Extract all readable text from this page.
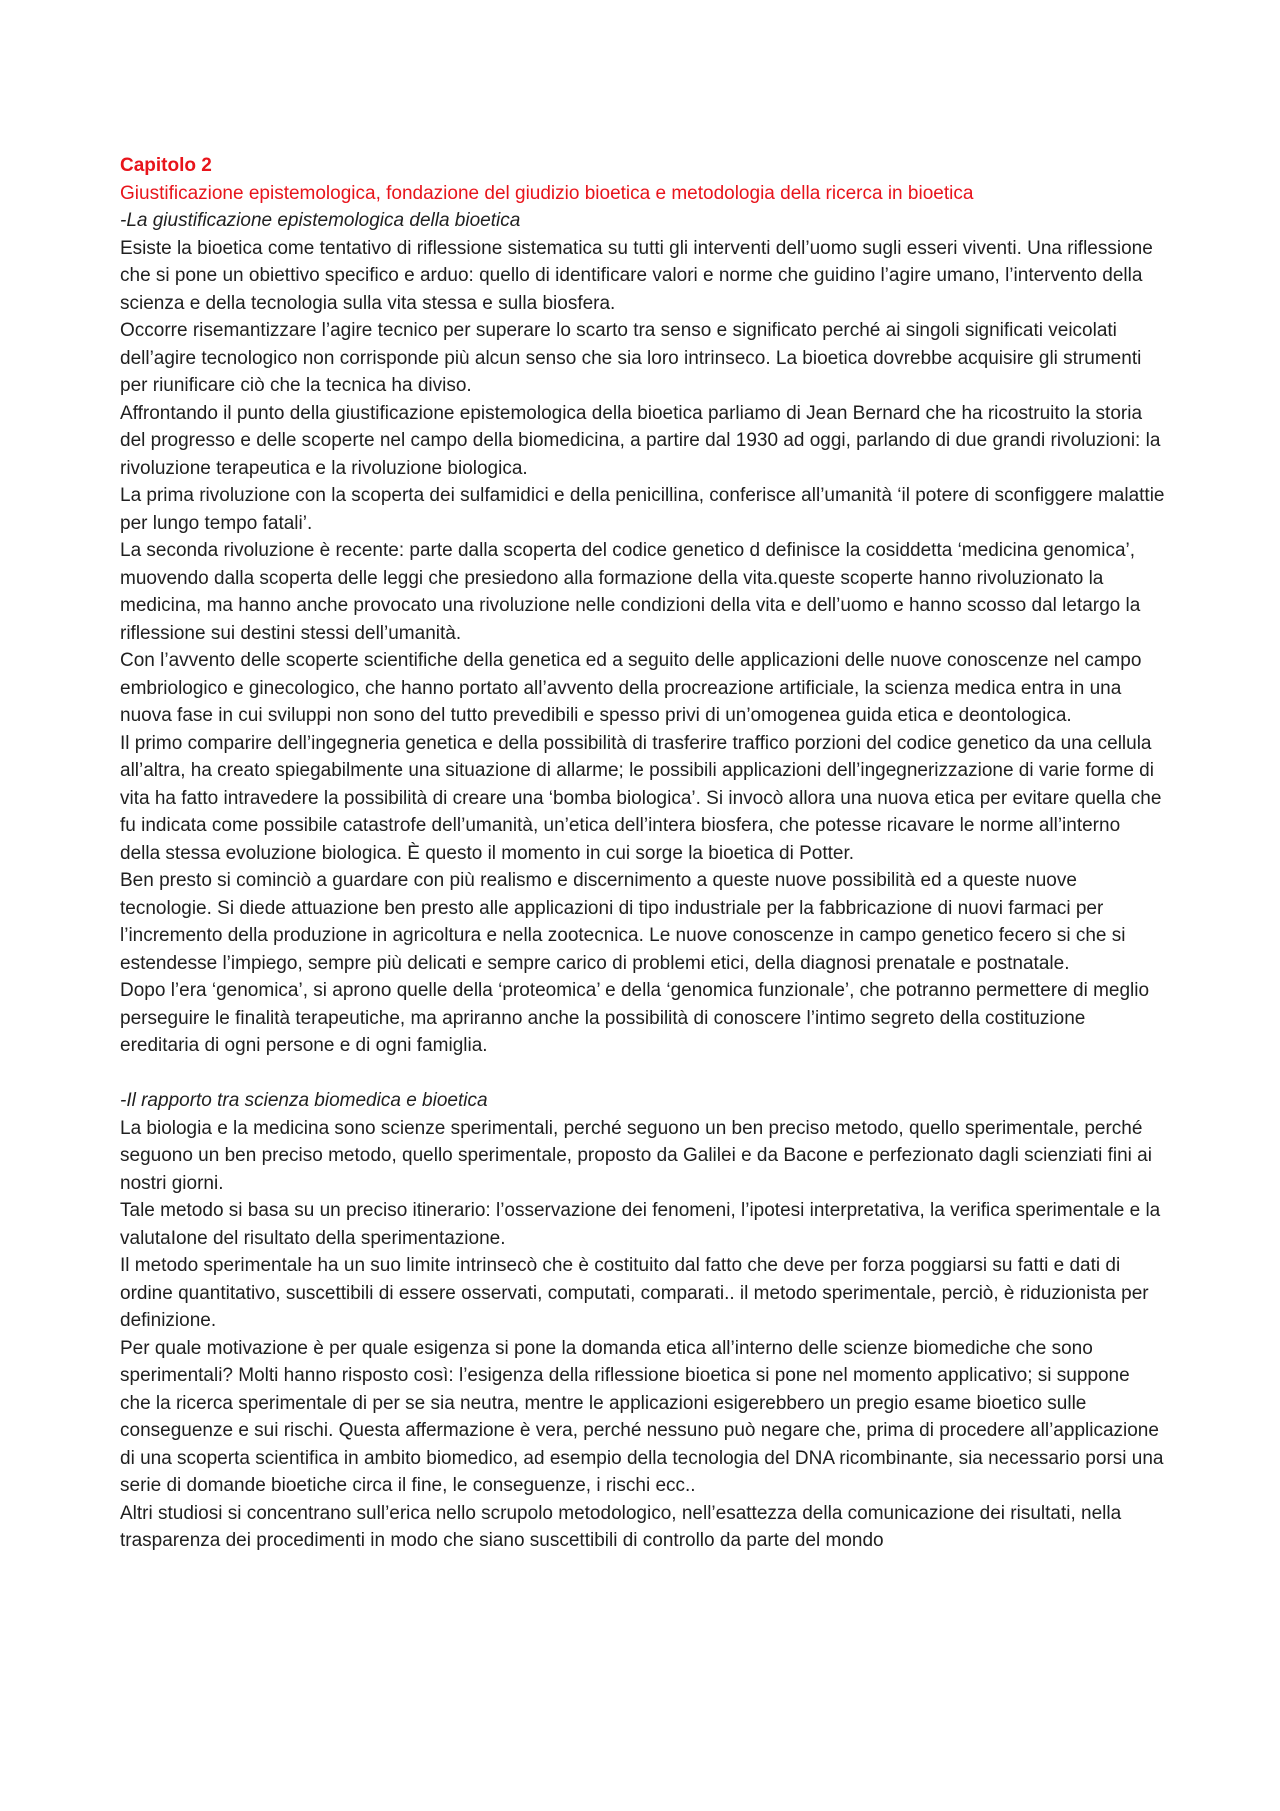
Capitolo 2

Giustificazione epistemologica, fondazione del giudizio bioetica e metodologia della ricerca in bioetica

-La giustificazione epistemologica della bioetica

Esiste la bioetica come tentativo di riflessione sistematica su tutti gli interventi dell’uomo sugli esseri viventi. Una riflessione che si pone un obiettivo specifico e arduo: quello di identificare valori e norme che guidino l’agire umano, l’intervento della scienza e della tecnologia sulla vita stessa e sulla biosfera.

Occorre risemantizzare l’agire tecnico per superare lo scarto tra senso e significato perché ai singoli significati veicolati dell’agire tecnologico non corrisponde più alcun senso che sia loro intrinseco. La bioetica dovrebbe acquisire gli strumenti per riunificare ciò che la tecnica ha diviso.

Affrontando il punto della giustificazione epistemologica della bioetica parliamo di Jean Bernard che ha ricostruito la storia del progresso e delle scoperte nel campo della biomedicina, a partire dal 1930 ad oggi, parlando di due grandi rivoluzioni: la rivoluzione terapeutica e la rivoluzione biologica.

La prima rivoluzione con la scoperta dei sulfamidici e della penicillina, conferisce all’umanità ‘il potere di sconfiggere malattie per lungo tempo fatali’.

La seconda rivoluzione è recente: parte dalla scoperta del codice genetico d definisce la cosiddetta ‘medicina genomica’, muovendo dalla scoperta delle leggi che presiedono alla formazione della vita.queste scoperte hanno rivoluzionato la medicina, ma hanno anche provocato una rivoluzione nelle condizioni della vita e dell’uomo e hanno scosso dal letargo la riflessione sui destini stessi dell’umanità.

Con l’avvento delle scoperte scientifiche della genetica ed a seguito delle applicazioni delle nuove conoscenze nel campo embriologico e ginecologico, che hanno portato all’avvento della procreazione artificiale, la scienza medica entra in una nuova fase in cui sviluppi non sono del tutto prevedibili e spesso privi di un’omogenea guida etica e deontologica.

Il primo comparire dell’ingegneria genetica e della possibilità di trasferire traffico porzioni del codice genetico da una cellula all’altra, ha creato spiegabilmente una situazione di allarme; le possibili applicazioni dell’ingegnerizzazione di varie forme di vita ha fatto intravedere la possibilità di creare una ‘bomba biologica’. Si invocò allora una nuova etica per evitare quella che fu indicata come possibile catastrofe dell’umanità, un’etica dell’intera biosfera, che potesse ricavare le norme all’interno della stessa evoluzione biologica. È questo il momento in cui sorge la bioetica di Potter.

Ben presto si cominciò a guardare con più realismo e discernimento a queste nuove possibilità ed a queste nuove tecnologie. Si diede attuazione ben presto alle applicazioni di tipo industriale per la fabbricazione di nuovi farmaci per l’incremento della produzione in agricoltura e nella zootecnica. Le nuove conoscenze in campo genetico fecero si che si estendesse l’impiego, sempre più delicati e sempre carico di problemi etici, della diagnosi prenatale e postnatale.

Dopo l’era ‘genomica’, si aprono quelle della ‘proteomica’ e della ‘genomica funzionale’, che potranno permettere di meglio perseguire le finalità terapeutiche, ma apriranno anche la possibilità di conoscere l’intimo segreto della costituzione ereditaria di ogni persone e di ogni famiglia.

-Il rapporto tra scienza biomedica e bioetica

La biologia e la medicina sono scienze sperimentali, perché seguono un ben preciso metodo, quello sperimentale, perché seguono un ben preciso metodo, quello sperimentale, proposto da Galilei e da Bacone e perfezionato dagli scienziati fini ai nostri giorni.

Tale metodo si basa su un preciso itinerario: l’osservazione dei fenomeni, l’ipotesi interpretativa, la verifica sperimentale e la valutaIone del risultato della sperimentazione.

Il metodo sperimentale ha un suo limite intrinsecò che è costituito dal fatto che deve per forza poggiarsi su fatti e dati di ordine quantitativo, suscettibili di essere osservati, computati, comparati.. il metodo sperimentale, perciò, è riduzionista per definizione.

Per quale motivazione è per quale esigenza si pone la domanda etica all’interno delle scienze biomediche che sono sperimentali? Molti hanno risposto così: l’esigenza della riflessione bioetica si pone nel momento applicativo; si suppone che la ricerca sperimentale di per se sia neutra, mentre le applicazioni esigerebbero un pregio esame bioetico sulle conseguenze e sui rischi. Questa affermazione è vera, perché nessuno può negare che, prima di procedere all’applicazione di una scoperta scientifica in ambito biomedico, ad esempio della tecnologia del DNA ricombinante, sia necessario porsi una serie di domande bioetiche circa il fine, le conseguenze, i rischi ecc..

Altri studiosi si concentrano sull’erica nello scrupolo metodologico, nell’esattezza della comunicazione dei risultati, nella trasparenza dei procedimenti in modo che siano suscettibili di controllo da parte del mondo
